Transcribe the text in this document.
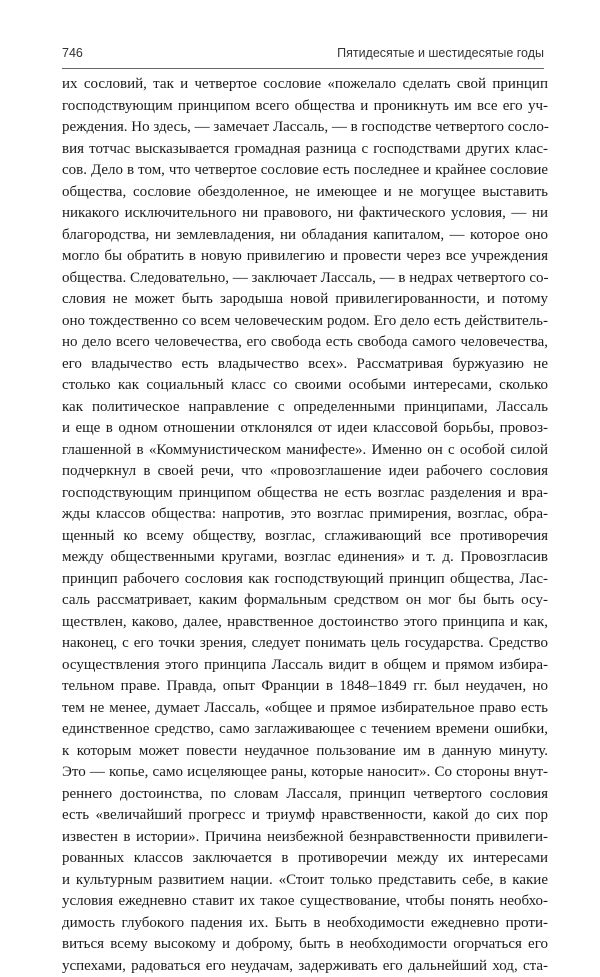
746	Пятидесятые и шестидесятые годы
их сословий, так и четвертое сословие «пожелало сделать свой принцип
господствующим принципом всего общества и проникнуть им все его уч-
реждения. Но здесь, — замечает Лассаль, — в господстве четвертого сосло-
вия тотчас высказывается громадная разница с господствами других клас-
сов. Дело в том, что четвертое сословие есть последнее и крайнее сословие
общества, сословие обездоленное, не имеющее и не могущее выставить
никакого исключительного ни правового, ни фактического условия, — ни
благородства, ни землевладения, ни обладания капиталом, — которое оно
могло бы обратить в новую привилегию и провести через все учреждения
общества. Следовательно, — заключает Лассаль, — в недрах четвертого со-
словия не может быть зародыша новой привилегированности, и потому
оно тождественно со всем человеческим родом. Его дело есть действитель-
но дело всего человечества, его свобода есть свобода самого человечества,
его владычество есть владычество всех». Рассматривая буржуазию не
столько как социальный класс со своими особыми интересами, сколько
как политическое направление с определенными принципами, Лассаль
и еще в одном отношении отклонялся от идеи классовой борьбы, провоз-
глашенной в «Коммунистическом манифесте». Именно он с особой силой
подчеркнул в своей речи, что «провозглашение идеи рабочего сословия
господствующим принципом общества не есть возглас разделения и вра-
жды классов общества: напротив, это возглас примирения, возглас, обра-
щенный ко всему обществу, возглас, сглаживающий все противоречия
между общественными кругами, возглас единения» и т. д. Провозгласив
принцип рабочего сословия как господствующий принцип общества, Лас-
саль рассматривает, каким формальным средством он мог бы быть осу-
ществлен, каково, далее, нравственное достоинство этого принципа и как,
наконец, с его точки зрения, следует понимать цель государства. Средство
осуществления этого принципа Лассаль видит в общем и прямом избира-
тельном праве. Правда, опыт Франции в 1848–1849 гг. был неудачен, но
тем не менее, думает Лассаль, «общее и прямое избирательное право есть
единственное средство, само заглаживающее с течением времени ошибки,
к которым может повести неудачное пользование им в данную минуту.
Это — копье, само исцеляющее раны, которые наносит». Со стороны внут-
реннего достоинства, по словам Лассаля, принцип четвертого сословия
есть «величайший прогресс и триумф нравственности, какой до сих пор
известен в истории». Причина неизбежной безнравственности привилеги-
рованных классов заключается в противоречии между их интересами
и культурным развитием нации. «Стоит только представить себе, в какие
условия ежедневно ставит их такое существование, чтобы понять необхо-
димость глубокого падения их. Быть в необходимости ежедневно проти-
виться всему высокому и доброму, быть в необходимости огорчаться его
успехами, радоваться его неудачам, задерживать его дальнейший ход, ста-
